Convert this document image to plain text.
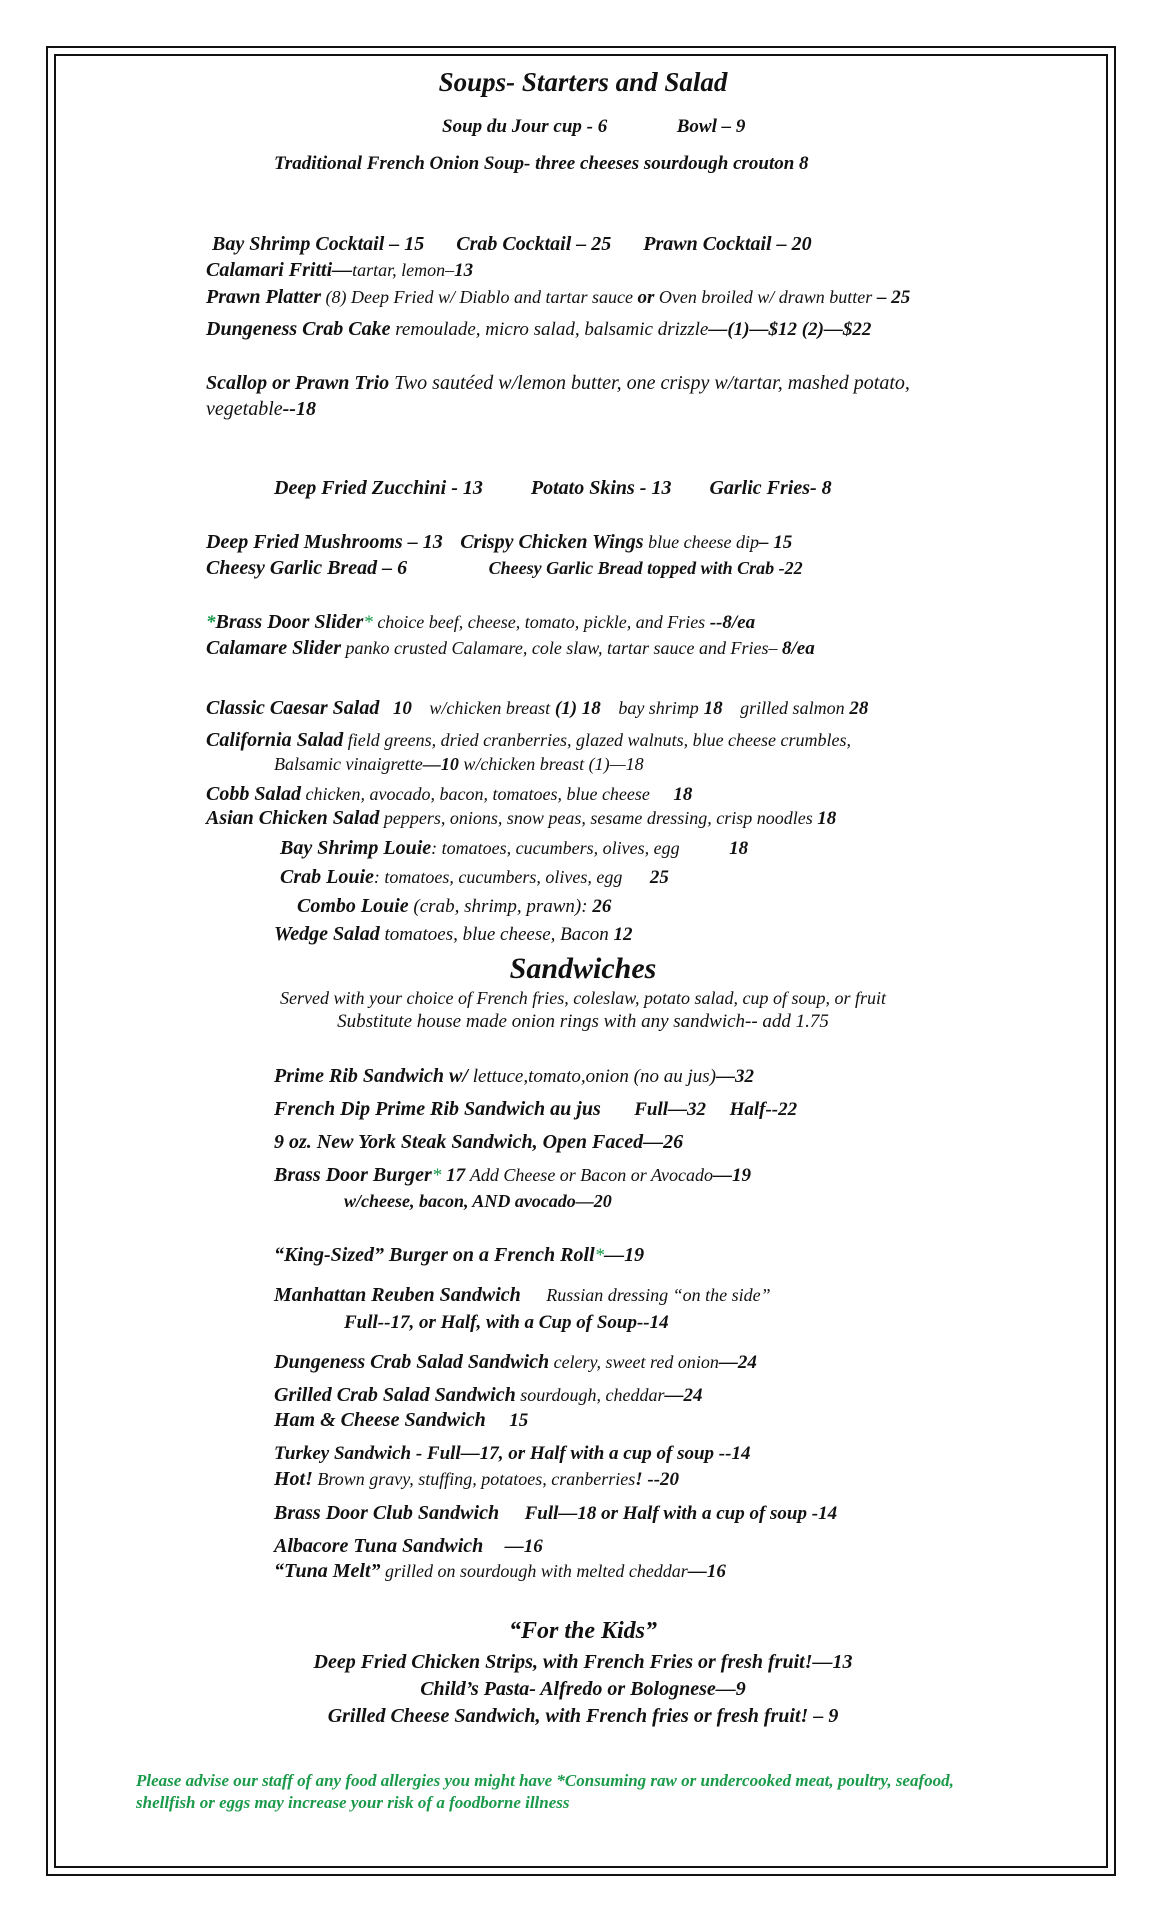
Soups- Starters and Salad
Soup du Jour cup - 6	Bowl – 9
Traditional French Onion Soup- three cheeses sourdough crouton 8
Bay Shrimp Cocktail – 15 Crab Cocktail – 25 Prawn Cocktail – 20
Calamari Fritti—tartar, lemon–13
Prawn Platter (8) Deep Fried w/ Diablo and tartar sauce or Oven broiled w/ drawn butter – 25
Dungeness Crab Cake remoulade, micro salad, balsamic drizzle—(1)—$12 (2)—$22
Scallop or Prawn Trio Two sautéed w/lemon butter, one crispy w/tartar, mashed potato,
vegetable--18
Deep Fried Zucchini - 13 Potato Skins - 13 Garlic Fries- 8
Deep Fried Mushrooms – 13 Crispy Chicken Wings blue cheese dip– 15
Cheesy Garlic Bread – 6	Cheesy Garlic Bread topped with Crab -22
*Brass Door Slider* choice beef, cheese, tomato, pickle, and Fries --8/ea
Calamare Slider panko crusted Calamare, cole slaw, tartar sauce and Fries– 8/ea
Classic Caesar Salad 10 w/chicken breast (1) 18 bay shrimp 18 grilled salmon 28
California Salad field greens, dried cranberries, glazed walnuts, blue cheese crumbles,
Balsamic vinaigrette—10 w/chicken breast (1)—18
Cobb Salad chicken, avocado, bacon, tomatoes, blue cheese 18
Asian Chicken Salad peppers, onions, snow peas, sesame dressing, crisp noodles 18
Bay Shrimp Louie: tomatoes, cucumbers, olives, egg	18
Crab Louie: tomatoes, cucumbers, olives, egg 25
Combo Louie (crab, shrimp, prawn): 26
Wedge Salad tomatoes, blue cheese, Bacon 12
Sandwiches
Served with your choice of French fries, coleslaw, potato salad, cup of soup, or fruit
Substitute house made onion rings with any sandwich-- add 1.75
Prime Rib Sandwich w/ lettuce,tomato,onion (no au jus)—32
French Dip Prime Rib Sandwich au jus Full—32 Half--22
9 oz. New York Steak Sandwich, Open Faced—26
Brass Door Burger* 17 Add Cheese or Bacon or Avocado—19
w/cheese, bacon, AND avocado—20
“King-Sized” Burger on a French Roll*—19
Manhattan Reuben Sandwich Russian dressing “on the side”
Full--17, or Half, with a Cup of Soup--14
Dungeness Crab Salad Sandwich celery, sweet red onion—24
Grilled Crab Salad Sandwich sourdough, cheddar—24
Ham & Cheese Sandwich 15
Turkey Sandwich - Full—17, or Half with a cup of soup --14
Hot! Brown gravy, stuffing, potatoes, cranberries! --20
Brass Door Club Sandwich Full—18 or Half with a cup of soup -14
Albacore Tuna Sandwich —16
“Tuna Melt” grilled on sourdough with melted cheddar—16
“For the Kids”
Deep Fried Chicken Strips, with French Fries or fresh fruit!—13
Child’s Pasta- Alfredo or Bolognese—9
Grilled Cheese Sandwich, with French fries or fresh fruit! – 9
Please advise our staff of any food allergies you might have *Consuming raw or undercooked meat, poultry, seafood,
shellfish or eggs may increase your risk of a foodborne illness
